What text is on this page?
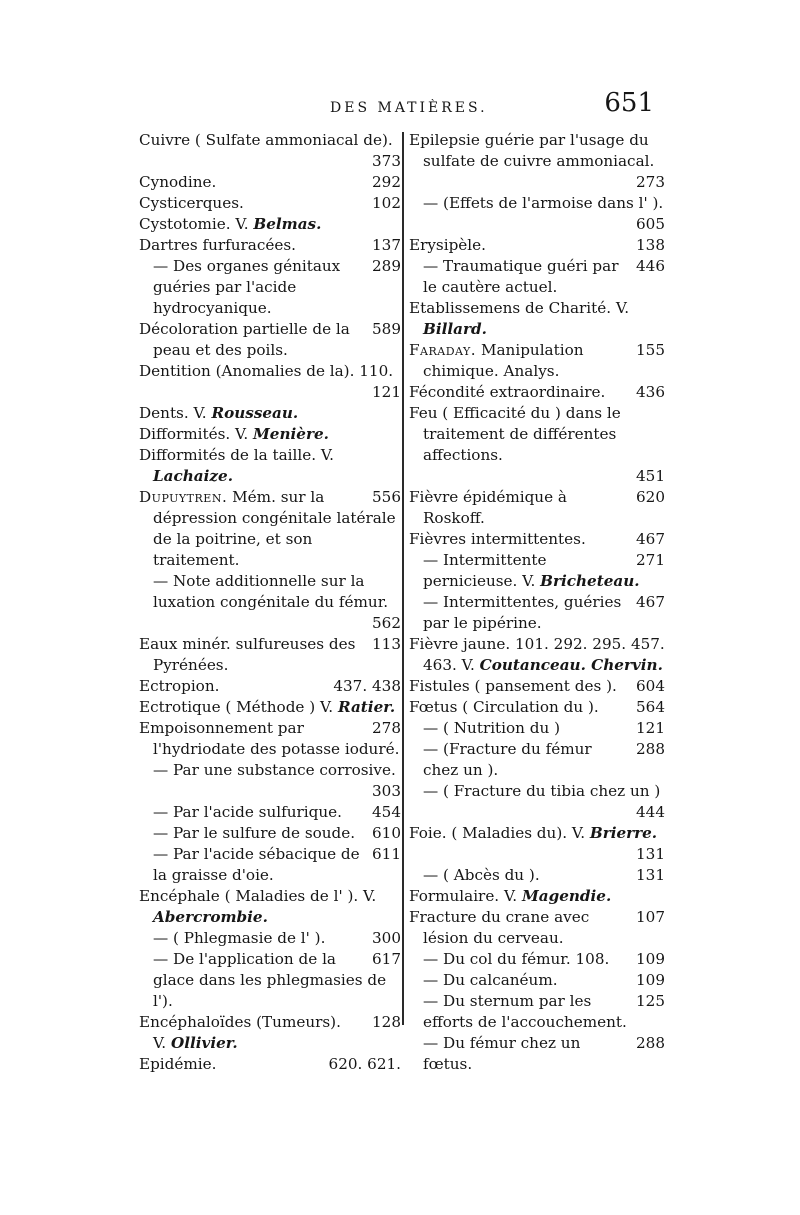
DES MATIÈRES.	651

Cuivre ( Sulfate ammoniacal de).
373

292
Cynodine.

102
Cysticerques.

Cystotomie. V. Belmas.

137
Dartres furfuracées.

289
— Des organes génitaux guéries par l'acide hydrocyanique.

589
Décoloration partielle de la peau et des poils.

Dentition (Anomalies de la). 110.
121

Dents. V. Rousseau.

Difformités. V. Menière.

Difformités de la taille. V. Lachaize.

556
Dupuytren. Mém. sur la dépression congénitale latérale de la poitrine, et son traitement.

— Note additionnelle sur la luxation congénitale du fémur.
562

113
Eaux minér. sulfureuses des Pyrénées.

437. 438
Ectropion.

Ectrotique ( Méthode ) V. Ratier.

278
Empoisonnement par l'hydriodate des potasse ioduré.

— Par une substance corrosive.
303

454
— Par l'acide sulfurique.

610
— Par le sulfure de soude.

611
— Par l'acide sébacique de la graisse d'oie.

Encéphale ( Maladies de l' ). V. Abercrombie.

300
— ( Phlegmasie de l' ).

617
— De l'application de la glace dans les phlegmasies de l').

128
Encéphaloïdes (Tumeurs).

V. Ollivier.

620. 621.
Epidémie.

Epilepsie guérie par l'usage du sulfate de cuivre ammoniacal.
273

— (Effets de l'armoise dans l' ).
605

138
Erysipèle.

446
— Traumatique guéri par le cautère actuel.

Etablissemens de Charité. V. Billard.

155
Faraday. Manipulation chimique. Analys.

436
Fécondité extraordinaire.

Feu ( Efficacité du ) dans le traitement de différentes affections.
451

620
Fièvre épidémique à Roskoff.

467
Fièvres intermittentes.

271
— Intermittente pernicieuse. V. Bricheteau.

467
— Intermittentes, guéries par le pipérine.

Fièvre jaune. 101. 292. 295. 457. 463. V. Coutanceau. Chervin.

604
Fistules ( pansement des ).

564
Fœtus ( Circulation du ).

121
— ( Nutrition du )

288
— (Fracture du fémur chez un ).

— ( Fracture du tibia chez un )
444

Foie. ( Maladies du). V. Brierre.
131

131
— ( Abcès du ).

Formulaire. V. Magendie.

107
Fracture du crane avec lésion du cerveau.

109
— Du col du fémur. 108.

109
— Du calcanéum.

125
— Du sternum par les efforts de l'accouchement.

288
— Du fémur chez un fœtus.
